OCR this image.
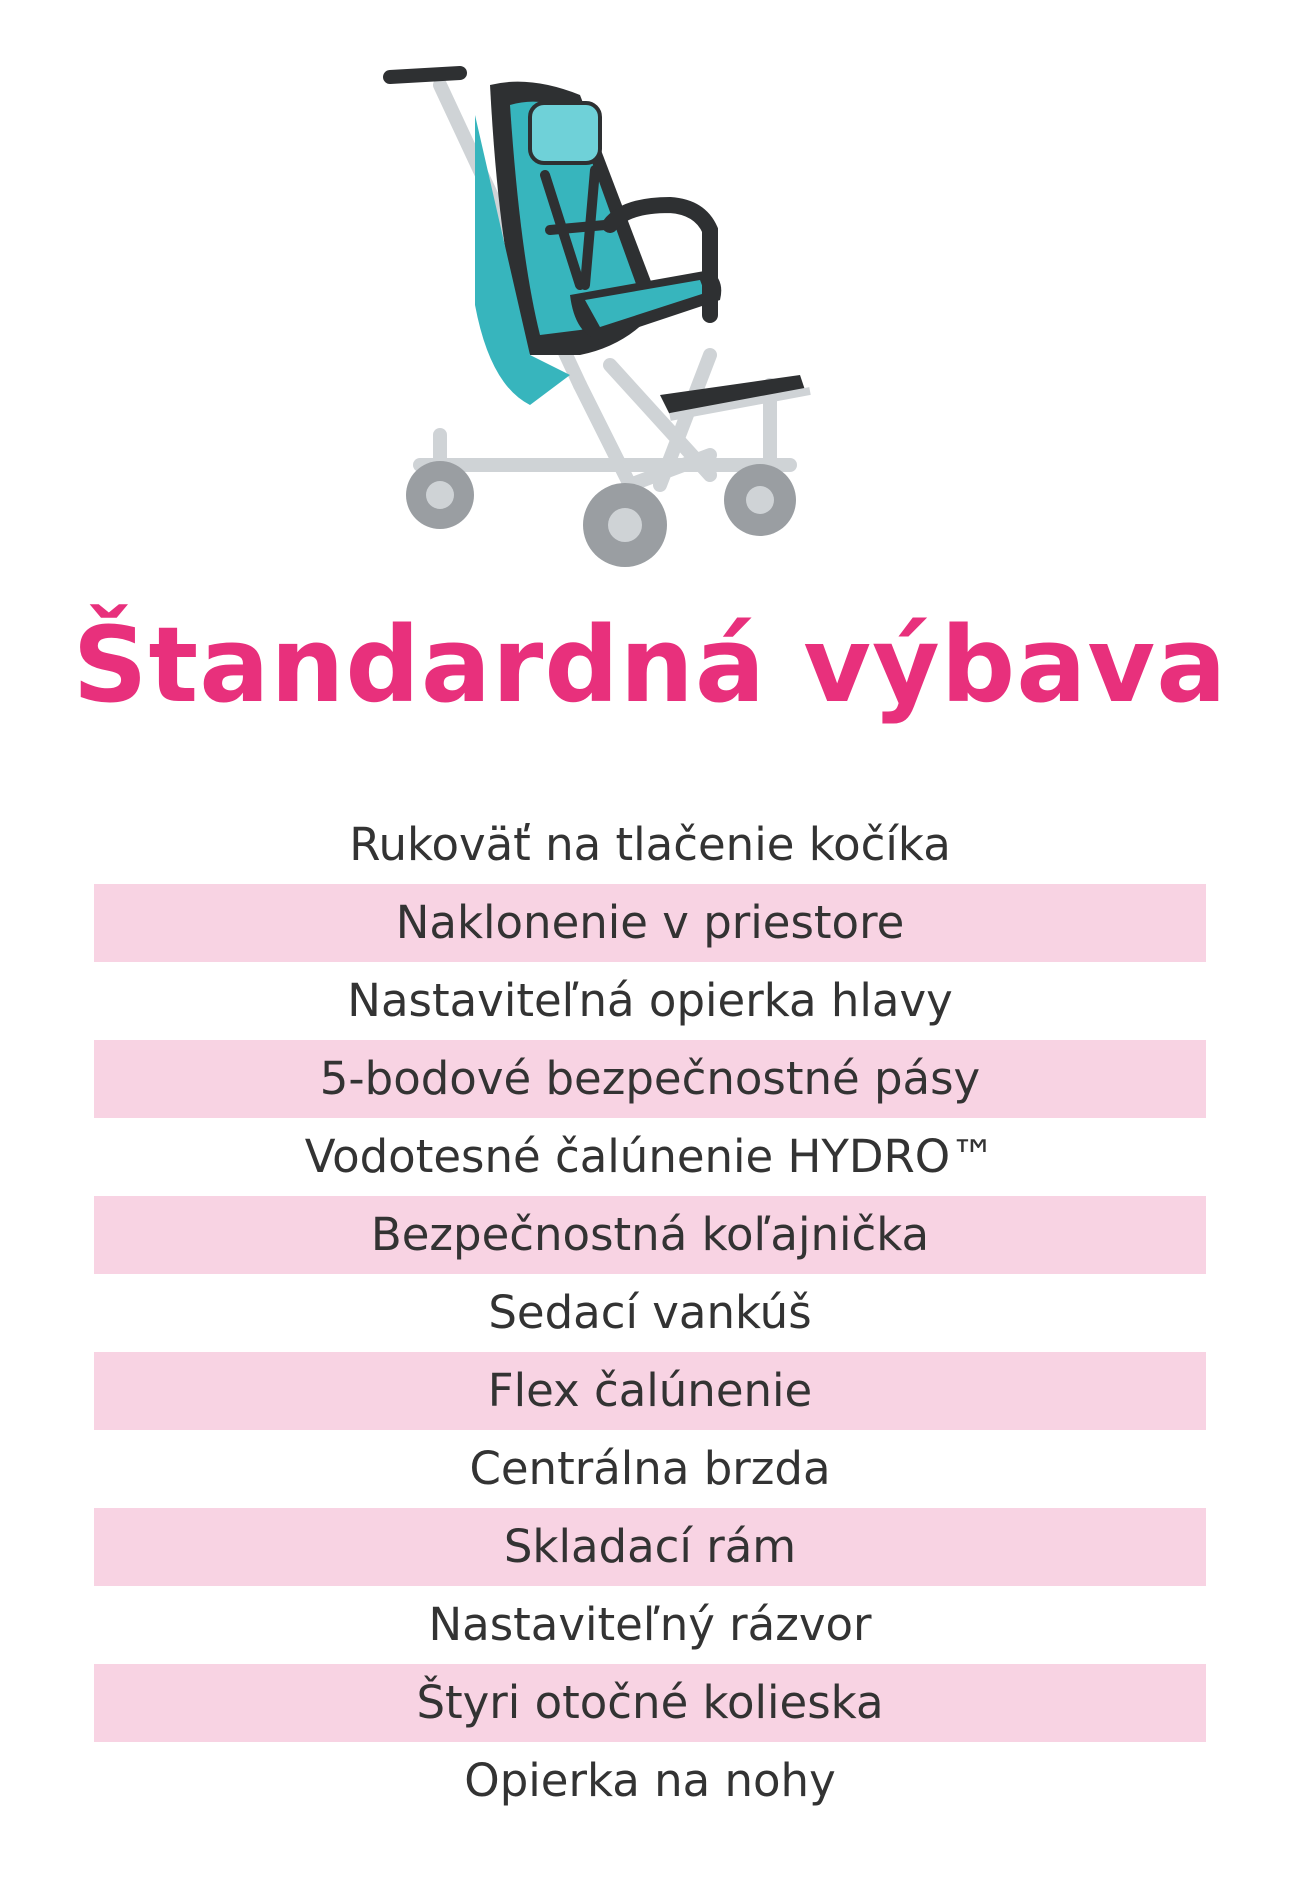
Štandardná výbava
Rukoväť na tlačenie kočíka
Naklonenie v priestore
Nastaviteľná opierka hlavy
5-bodové bezpečnostné pásy
Vodotesné čalúnenie HYDRO™
Bezpečnostná koľajnička
Sedací vankúš
Flex čalúnenie
Centrálna brzda
Skladací rám
Nastaviteľný rázvor
Štyri otočné kolieska
Opierka na nohy
